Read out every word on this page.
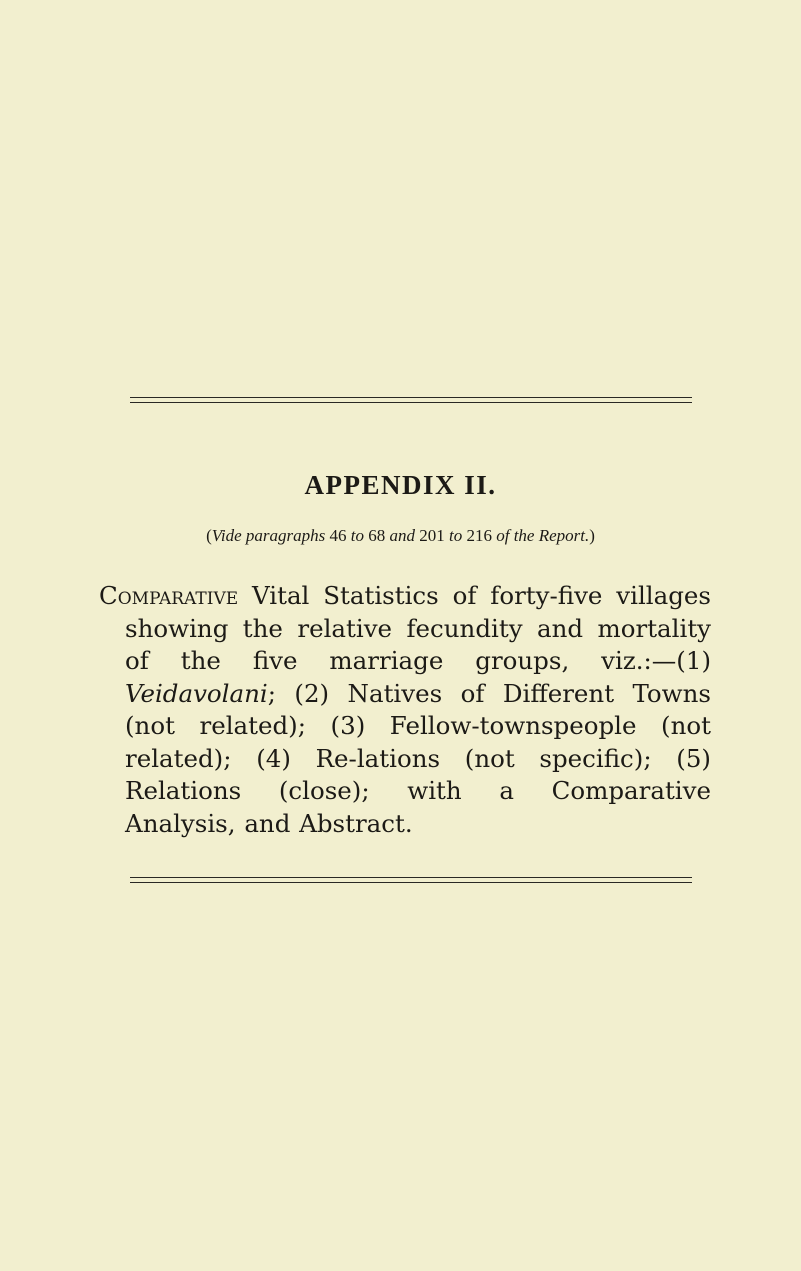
APPENDIX II.

(Vide paragraphs 46 to 68 and 201 to 216 of the Report.)

Comparative Vital Statistics of forty-five villages showing the relative fecundity and mortality of the five marriage groups, viz.:—(1) Veidavolani; (2) Natives of Different Towns (not related); (3) Fellow-townspeople (not related); (4) Re-lations (not specific); (5) Relations (close); with a Comparative Analysis, and Abstract.
